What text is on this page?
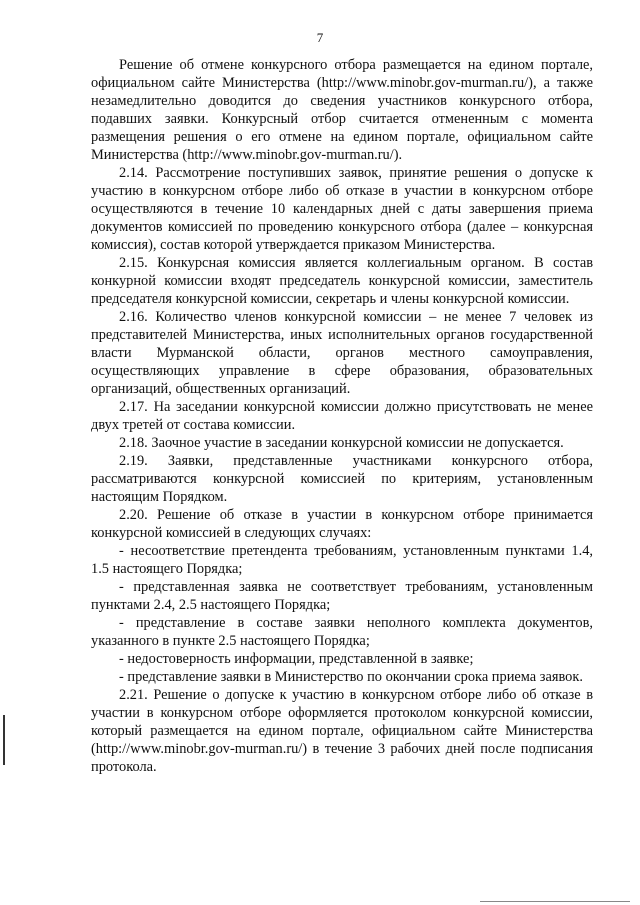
7

Решение об отмене конкурсного отбора размещается на едином портале, официальном сайте Министерства (http://www.minobr.gov-murman.ru/), а также незамедлительно доводится до сведения участников конкурсного отбора, подавших заявки. Конкурсный отбор считается отмененным с момента размещения решения о его отмене на едином портале, официальном сайте Министерства (http://www.minobr.gov-murman.ru/).

2.14. Рассмотрение поступивших заявок, принятие решения о допуске к участию в конкурсном отборе либо об отказе в участии в конкурсном отборе осуществляются в течение 10 календарных дней с даты завершения приема документов комиссией по проведению конкурсного отбора (далее – конкурсная комиссия), состав которой утверждается приказом Министерства.

2.15. Конкурсная комиссия является коллегиальным органом. В состав конкурной комиссии входят председатель конкурсной комиссии, заместитель председателя конкурсной комиссии, секретарь и члены конкурсной комиссии.

2.16. Количество членов конкурсной комиссии – не менее 7 человек из представителей Министерства, иных исполнительных органов государственной власти Мурманской области, органов местного самоуправления, осуществляющих управление в сфере образования, образовательных организаций, общественных организаций.

2.17. На заседании конкурсной комиссии должно присутствовать не менее двух третей от состава комиссии.

2.18. Заочное участие в заседании конкурсной комиссии не допускается.

2.19. Заявки, представленные участниками конкурсного отбора, рассматриваются конкурсной комиссией по критериям, установленным настоящим Порядком.

2.20. Решение об отказе в участии в конкурсном отборе принимается конкурсной комиссией в следующих случаях:

- несоответствие претендента требованиям, установленным пунктами 1.4, 1.5 настоящего Порядка;

- представленная заявка не соответствует требованиям, установленным пунктами 2.4, 2.5 настоящего Порядка;

- представление в составе заявки неполного комплекта документов, указанного в пункте 2.5 настоящего Порядка;

- недостоверность информации, представленной в заявке;

- представление заявки в Министерство по окончании срока приема заявок.

2.21. Решение о допуске к участию в конкурсном отборе либо об отказе в участии в конкурсном отборе оформляется протоколом конкурсной комиссии, который размещается на едином портале, официальном сайте Министерства (http://www.minobr.gov-murman.ru/) в течение 3 рабочих дней после подписания протокола.
